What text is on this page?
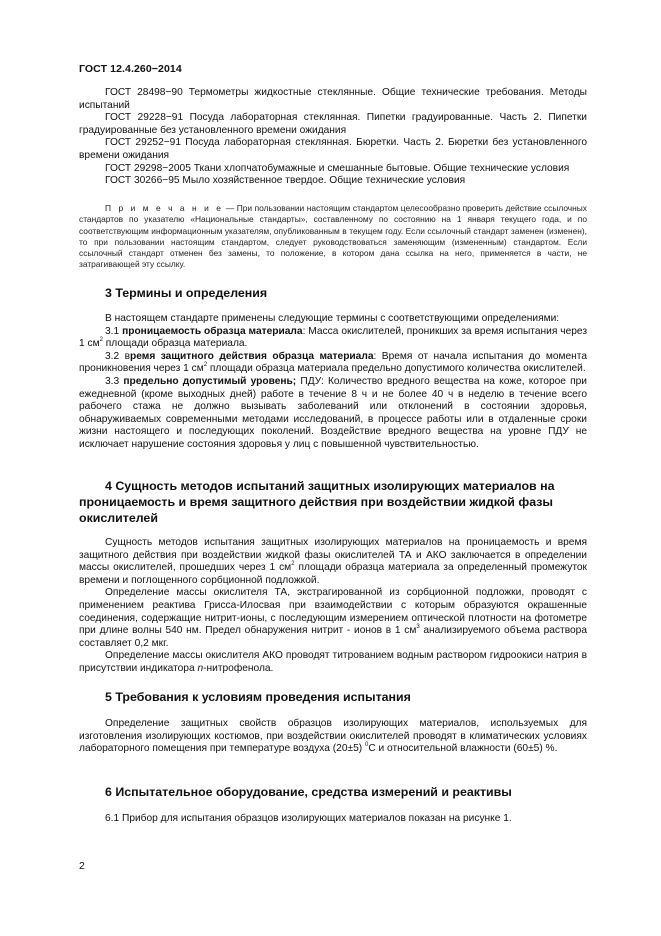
ГОСТ 12.4.260−2014

ГОСТ 28498−90 Термометры жидкостные стеклянные. Общие технические требования. Методы испытаний

ГОСТ 29228−91 Посуда лабораторная стеклянная. Пипетки градуированные. Часть 2. Пипетки градуированные без установленного времени ожидания

ГОСТ 29252−91 Посуда лабораторная стеклянная. Бюретки. Часть 2. Бюретки без установленного времени ожидания

ГОСТ 29298−2005 Ткани хлопчатобумажные и смешанные бытовые. Общие технические условия

ГОСТ 30266−95 Мыло хозяйственное твердое. Общие технические условия

П р и м е ч а н и е — При пользовании настоящим стандартом целесообразно проверить действие ссылочных стандартов по указателю «Национальные стандарты», составленному по состоянию на 1 января текущего года, и по соответствующим информационным указателям, опубликованным в текущем году. Если ссылочный стандарт заменен (изменен), то при пользовании настоящим стандартом, следует руководствоваться заменяющим (измененным) стандартом. Если ссылочный стандарт отменен без замены, то положение, в котором дана ссылка на него, применяется в части, не затрагивающей эту ссылку.

3 Термины и определения

В настоящем стандарте применены следующие термины с соответствующими определениями:

3.1 проницаемость образца материала: Масса окислителей, проникших за время испытания через 1 $см^2$ площади образца материала.

3.2 время защитного действия образца материала: Время от начала испытания до момента проникновения через 1 $см^2$ площади образца материала предельно допустимого количества окислителей.

3.3 предельно допустимый уровень; ПДУ: Количество вредного вещества на коже, которое при ежедневной (кроме выходных дней) работе в течение 8 ч и не более 40 ч в неделю в течение всего рабочего стажа не должно вызывать заболеваний или отклонений в состоянии здоровья, обнаруживаемых современными методами исследований, в процессе работы или в отдаленные сроки жизни настоящего и последующих поколений. Воздействие вредного вещества на уровне ПДУ не исключает нарушение состояния здоровья у лиц с повышенной чувствительностью.

4 Сущность методов испытаний защитных изолирующих материалов на проницаемость и время защитного действия при воздействии жидкой фазы окислителей

Сущность методов испытания защитных изолирующих материалов на проницаемость и время защитного действия при воздействии жидкой фазы окислителей ТА и АКО заключается в определении массы окислителей, прошедших через 1 $см^2$ площади образца материала за определенный промежуток времени и поглощенного сорбционной подложкой.

Определение массы окислителя ТА, экстрагированной из сорбционной подложки, проводят с применением реактива Грисса-Илосвая при взаимодействии с которым образуются окрашенные соединения, содержащие нитрит-ионы, с последующим измерением оптической плотности на фотометре при длине волны 540 нм. Предел обнаружения нитрит - ионов в 1 $см^3$ анализируемого объема раствора составляет 0,2 мкг.

Определение массы окислителя АКО проводят титрованием водным раствором гидроокиси натрия в присутствии индикатора n-нитрофенола.

5 Требования к условиям проведения испытания

Определение защитных свойств образцов изолирующих материалов, используемых для изготовления изолирующих костюмов, при воздействии окислителей проводят в климатических условиях лабораторного помещения при температуре воздуха (20±5) $^0$С и относительной влажности (60±5) %.

6 Испытательное оборудование, средства измерений и реактивы

6.1 Прибор для испытания образцов изолирующих материалов показан на рисунке 1.

2
